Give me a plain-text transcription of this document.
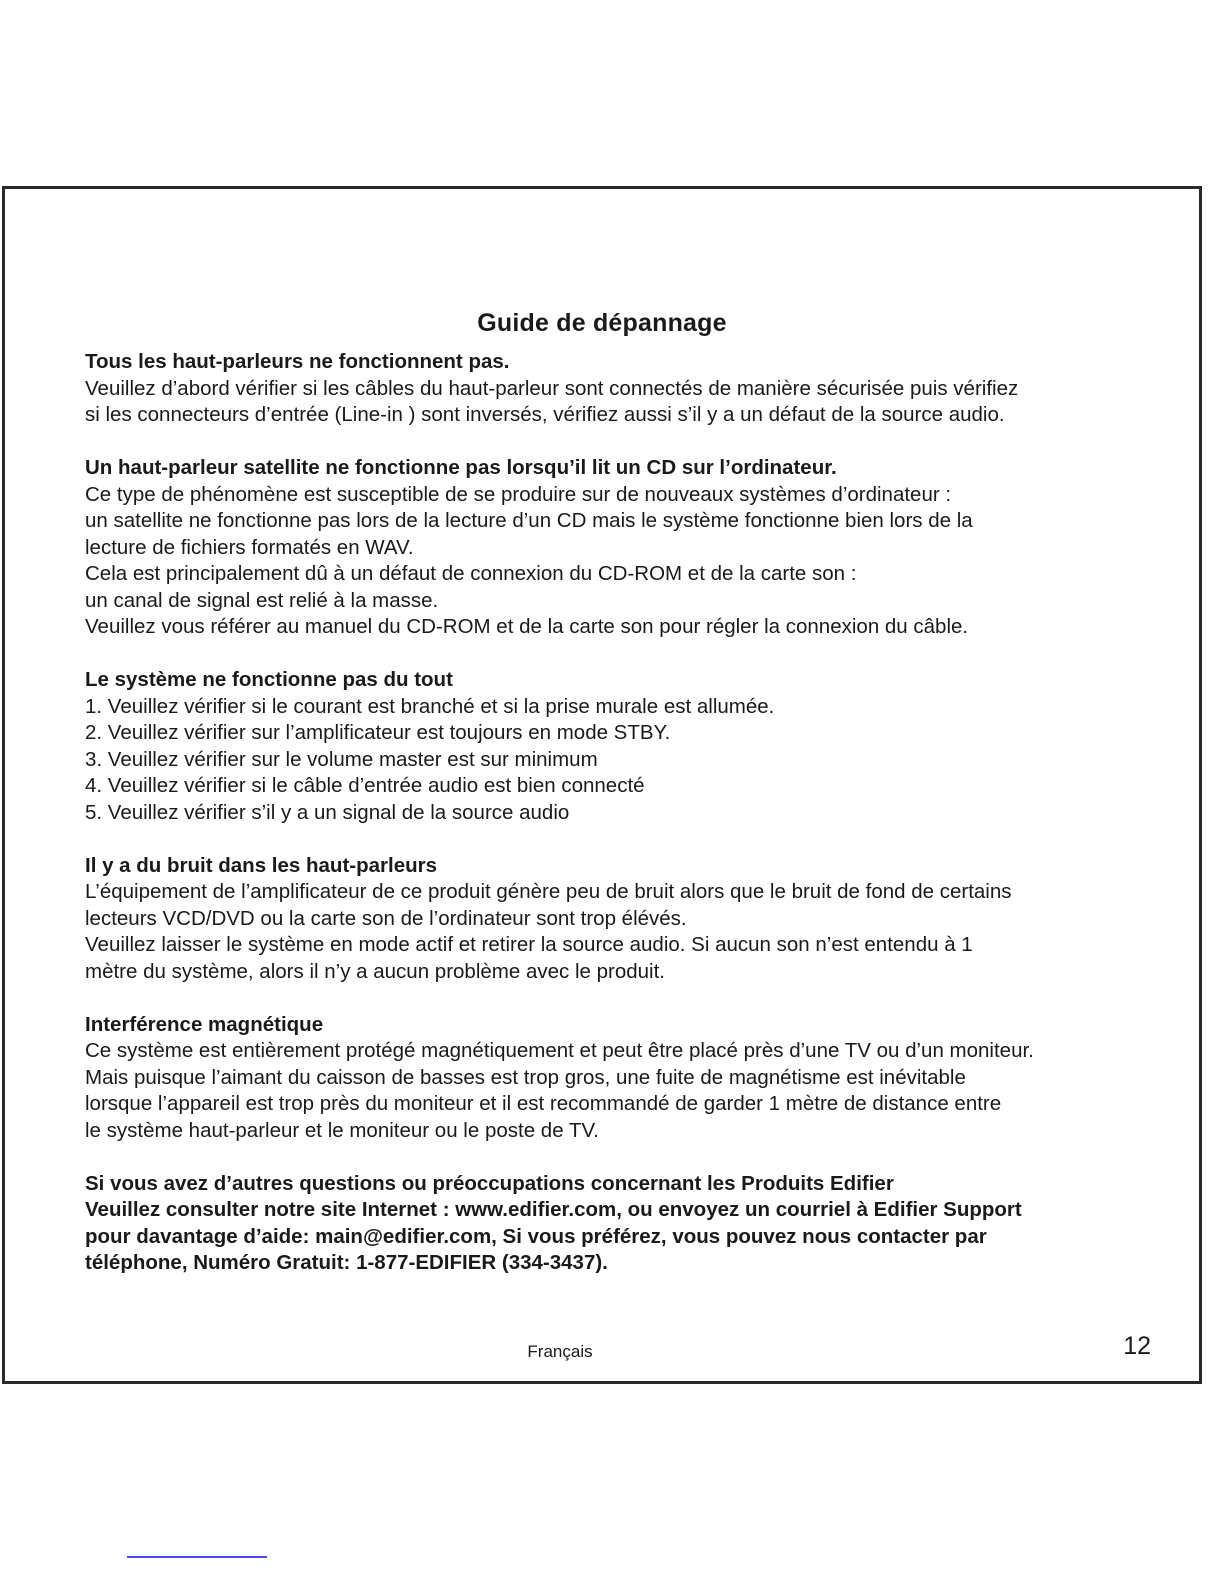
Guide de dépannage
Tous les haut-parleurs ne fonctionnent pas.
Veuillez d’abord vérifier si les câbles du haut-parleur sont connectés de manière sécurisée puis vérifiez
si les connecteurs d’entrée (Line-in ) sont inversés, vérifiez aussi s’il y a un défaut de la source audio.
Un haut-parleur satellite ne fonctionne pas lorsqu’il lit un CD sur l’ordinateur.
Ce type de phénomène est susceptible de se produire sur de nouveaux systèmes d’ordinateur :
un satellite ne fonctionne pas lors de la lecture d’un CD mais le système fonctionne bien lors de la
lecture de fichiers formatés en WAV.
Cela est principalement dû à un défaut de connexion du CD-ROM et de la carte son :
un canal de signal est relié à la masse.
Veuillez vous référer au manuel du CD-ROM et de la carte son pour régler la connexion du câble.
Le système ne fonctionne pas du tout
1. Veuillez vérifier si le courant est branché et si la prise murale est allumée.
2. Veuillez vérifier sur l’amplificateur est toujours en mode STBY.
3. Veuillez vérifier sur le volume master est sur minimum
4. Veuillez vérifier si le câble d’entrée audio est bien connecté
5. Veuillez vérifier s’il y a un signal de la source audio
Il y a du bruit dans les haut-parleurs
L’équipement de l’amplificateur de ce produit génère peu de bruit alors que le bruit de fond de certains
lecteurs VCD/DVD ou la carte son de l’ordinateur sont trop élévés.
Veuillez laisser le système en mode actif et retirer la source audio. Si aucun son n’est entendu à 1
mètre du système, alors il n’y a aucun problème avec le produit.
Interférence magnétique
Ce système est entièrement protégé magnétiquement et peut être placé près d’une TV ou d’un moniteur.
Mais puisque l’aimant du caisson de basses est trop gros, une fuite de magnétisme est inévitable
lorsque l’appareil est trop près du moniteur et il est recommandé de garder 1 mètre de distance entre
le système haut-parleur et le moniteur ou le poste de TV.
Si vous avez d’autres questions ou préoccupations concernant les Produits Edifier
Veuillez consulter notre site Internet : www.edifier.com, ou envoyez un courriel à Edifier Support
pour davantage d’aide: main@edifier.com, Si vous préférez, vous pouvez nous contacter par
téléphone, Numéro Gratuit: 1-877-EDIFIER (334-3437).
Français	12
